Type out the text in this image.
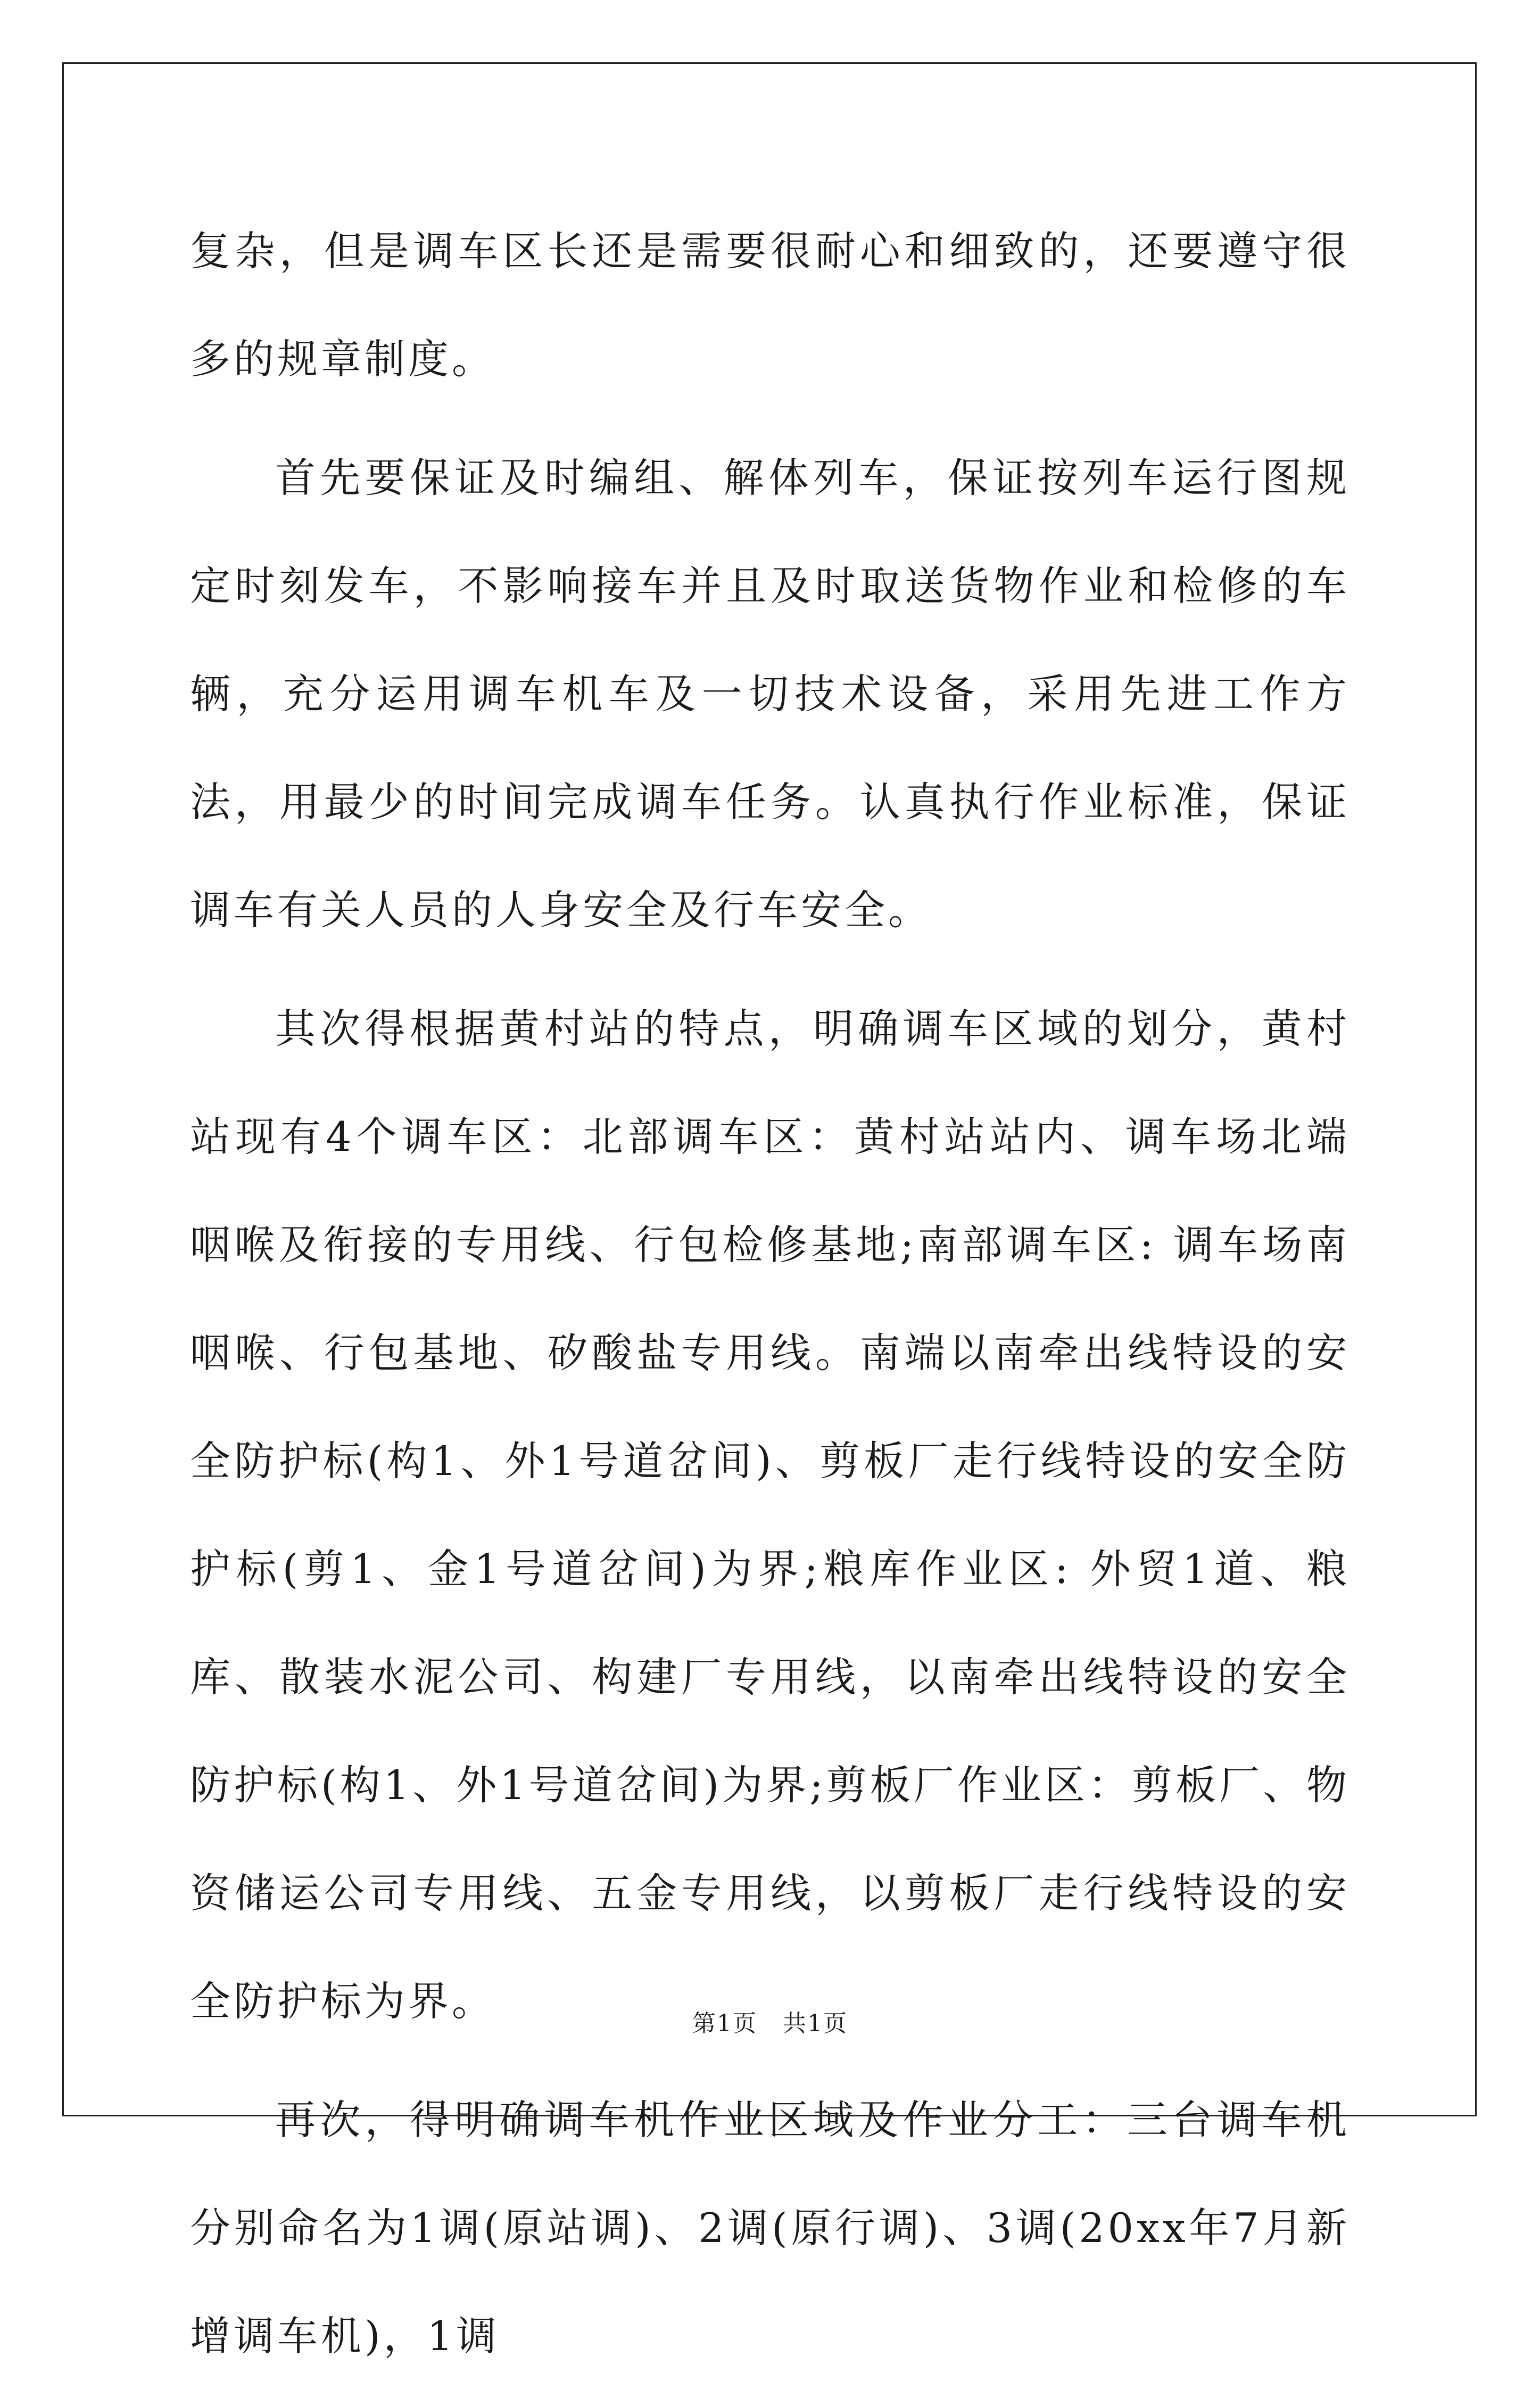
复杂，但是调车区长还是需要很耐心和细致的，还要遵守很多的规章制度。

首先要保证及时编组、解体列车，保证按列车运行图规定时刻发车，不影响接车并且及时取送货物作业和检修的车辆，充分运用调车机车及一切技术设备，采用先进工作方法，用最少的时间完成调车任务。认真执行作业标准，保证调车有关人员的人身安全及行车安全。

其次得根据黄村站的特点，明确调车区域的划分，黄村站现有4个调车区：北部调车区：黄村站站内、调车场北端咽喉及衔接的专用线、行包检修基地;南部调车区: 调车场南咽喉、行包基地、矽酸盐专用线。南端以南牵出线特设的安全防护标(构1、外1号道岔间)、剪板厂走行线特设的安全防护标(剪1、金1号道岔间)为界;粮库作业区: 外贸1道、粮库、散装水泥公司、构建厂专用线，以南牵出线特设的安全防护标(构1、外1号道岔间)为界;剪板厂作业区：剪板厂、物资储运公司专用线、五金专用线，以剪板厂走行线特设的安全防护标为界。

再次，得明确调车机作业区域及作业分工：三台调车机分别命名为1调(原站调)、2调(原行调)、3调(20xx年7月新增调车机)，1调

第1页 共1页
